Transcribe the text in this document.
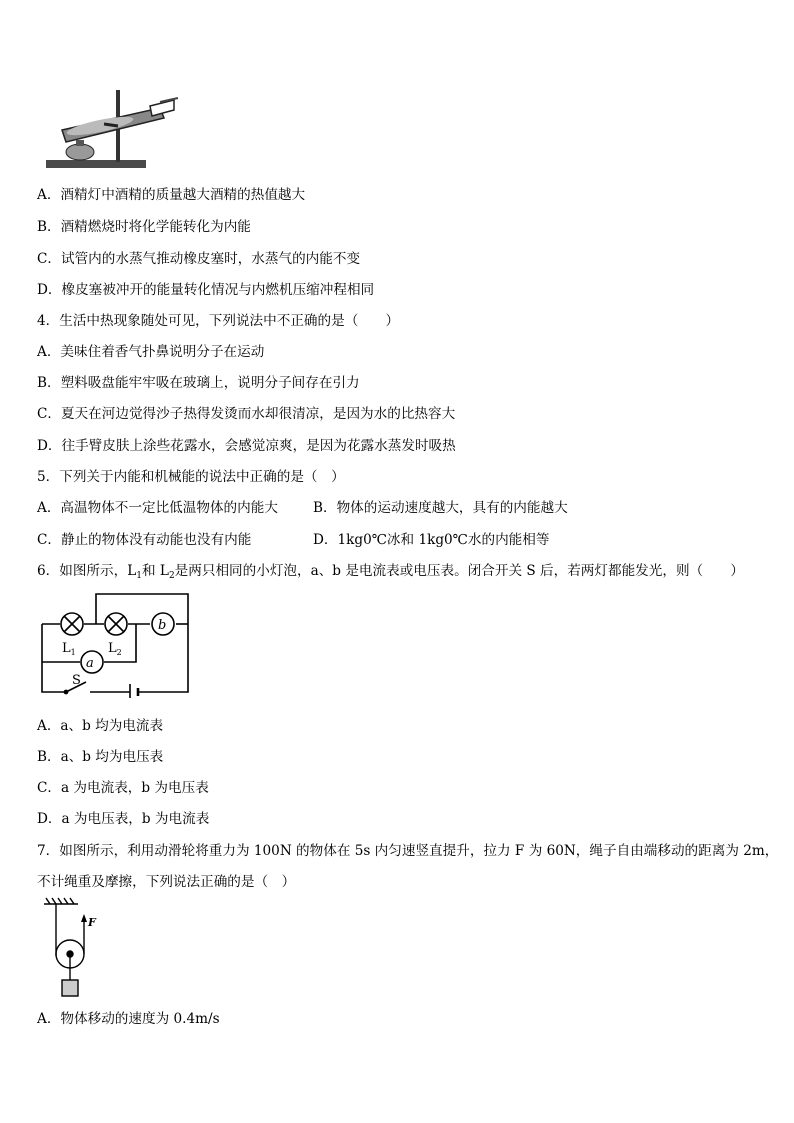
A．酒精灯中酒精的质量越大酒精的热值越大
B．酒精燃烧时将化学能转化为内能
C．试管内的水蒸气推动橡皮塞时，水蒸气的内能不变
D．橡皮塞被冲开的能量转化情况与内燃机压缩冲程相同
4．生活中热现象随处可见，下列说法中不正确的是（　　）
A．美味住着香气扑鼻说明分子在运动
B．塑料吸盘能牢牢吸在玻璃上，说明分子间存在引力
C．夏天在河边觉得沙子热得发烫而水却很清凉，是因为水的比热容大
D．往手臂皮肤上涂些花露水，会感觉凉爽，是因为花露水蒸发时吸热
5．下列关于内能和机械能的说法中正确的是（　）
A．高温物体不一定比低温物体的内能大	B．物体的运动速度越大，具有的内能越大
C．静止的物体没有动能也没有内能	D．1kg0℃冰和 1kg0℃水的内能相等
6．如图所示，$L_1$和 $L_2$是两只相同的小灯泡，a、b 是电流表或电压表。闭合开关 S 后，若两灯都能发光，则（　　）
a
b
$L_1$ $L_2$
S
A．a、b 均为电流表
B．a、b 均为电压表
C．a 为电流表，b 为电压表
D．a 为电压表，b 为电流表
7．如图所示，利用动滑轮将重力为 100N 的物体在 5s 内匀速竖直提升，拉力 F 为 60N，绳子自由端移动的距离为 2m，
不计绳重及摩擦，下列说法正确的是（　）
F
A．物体移动的速度为 0.4m/s
